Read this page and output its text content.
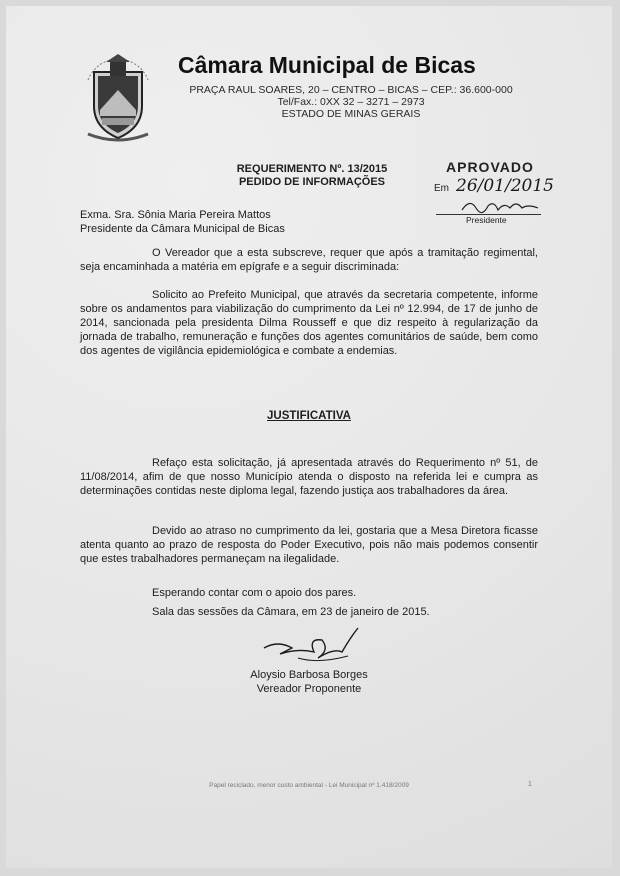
Câmara Municipal de Bicas
PRAÇA RAUL SOARES, 20 – CENTRO – BICAS – CEP.: 36.600-000
Tel/Fax.: 0XX 32 – 3271 – 2973
ESTADO DE MINAS GERAIS
REQUERIMENTO Nº. 13/2015
PEDIDO DE INFORMAÇÕES
APROVADO
Em 26/01/2015
Presidente
Exma. Sra. Sônia Maria Pereira Mattos
Presidente da Câmara Municipal de Bicas
O Vereador que a esta subscreve, requer que após a tramitação regimental, seja encaminhada a matéria em epígrafe e a seguir discriminada:
Solicito ao Prefeito Municipal, que através da secretaria competente, informe sobre os andamentos para viabilização do cumprimento da Lei nº 12.994, de 17 de junho de 2014, sancionada pela presidenta Dilma Rousseff e que diz respeito à regularização da jornada de trabalho, remuneração e funções dos agentes comunitários de saúde, bem como dos agentes de vigilância epidemiológica e combate a endemias.
JUSTIFICATIVA
Refaço esta solicitação, já apresentada através do Requerimento nº 51, de 11/08/2014, afim de que nosso Município atenda o disposto na referida lei e cumpra as determinações contidas neste diploma legal, fazendo justiça aos trabalhadores da área.
Devido ao atraso no cumprimento da lei, gostaria que a Mesa Diretora ficasse atenta quanto ao prazo de resposta do Poder Executivo, pois não mais podemos consentir que estes trabalhadores permaneçam na ilegalidade.
Esperando contar com o apoio dos pares.
Sala das sessões da Câmara, em 23 de janeiro de 2015.
Aloysio Barbosa Borges
Vereador Proponente
Papel reciclado, menor custo ambiental - Lei Municipal nº 1.418/2009	1
